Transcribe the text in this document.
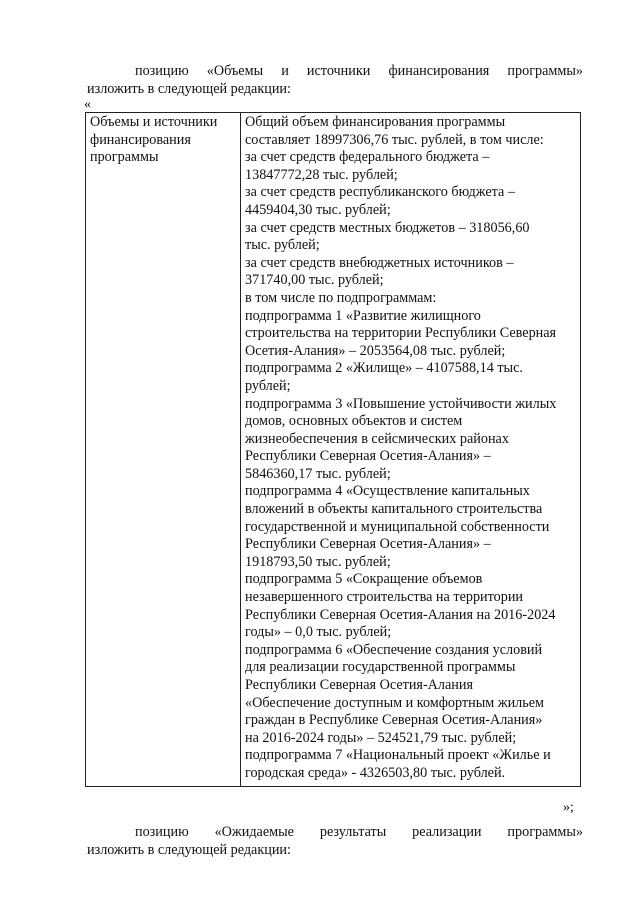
позицию «Объемы и источники финансирования программы»
изложить в следующей редакции:
«
Объемы и источники
финансирования
программы

Общий объем финансирования программы
составляет 18997306,76 тыс. рублей, в том числе:
за счет средств федерального бюджета –
13847772,28 тыс. рублей;
за счет средств республиканского бюджета –
4459404,30 тыс. рублей;
за счет средств местных бюджетов – 318056,60
тыс. рублей;
за счет средств внебюджетных источников –
371740,00 тыс. рублей;
в том числе по подпрограммам:
подпрограмма 1 «Развитие жилищного
строительства на территории Республики Северная
Осетия-Алания» – 2053564,08 тыс. рублей;
подпрограмма 2 «Жилище» – 4107588,14 тыс.
рублей;
подпрограмма 3 «Повышение устойчивости жилых
домов, основных объектов и систем
жизнеобеспечения в сейсмических районах
Республики Северная Осетия-Алания» –
5846360,17 тыс. рублей;
подпрограмма 4 «Осуществление капитальных
вложений в объекты капитального строительства
государственной и муниципальной собственности
Республики Северная Осетия-Алания» –
1918793,50 тыс. рублей;
подпрограмма 5 «Сокращение объемов
незавершенного строительства на территории
Республики Северная Осетия-Алания на 2016-2024
годы» – 0,0 тыс. рублей;
подпрограмма 6 «Обеспечение создания условий
для реализации государственной программы
Республики Северная Осетия-Алания
«Обеспечение доступным и комфортным жильем
граждан в Республике Северная Осетия-Алания»
на 2016-2024 годы» – 524521,79 тыс. рублей;
подпрограмма 7 «Национальный проект «Жилье и
городская среда» - 4326503,80 тыс. рублей.
»;
позицию «Ожидаемые результаты реализации программы»
изложить в следующей редакции:
